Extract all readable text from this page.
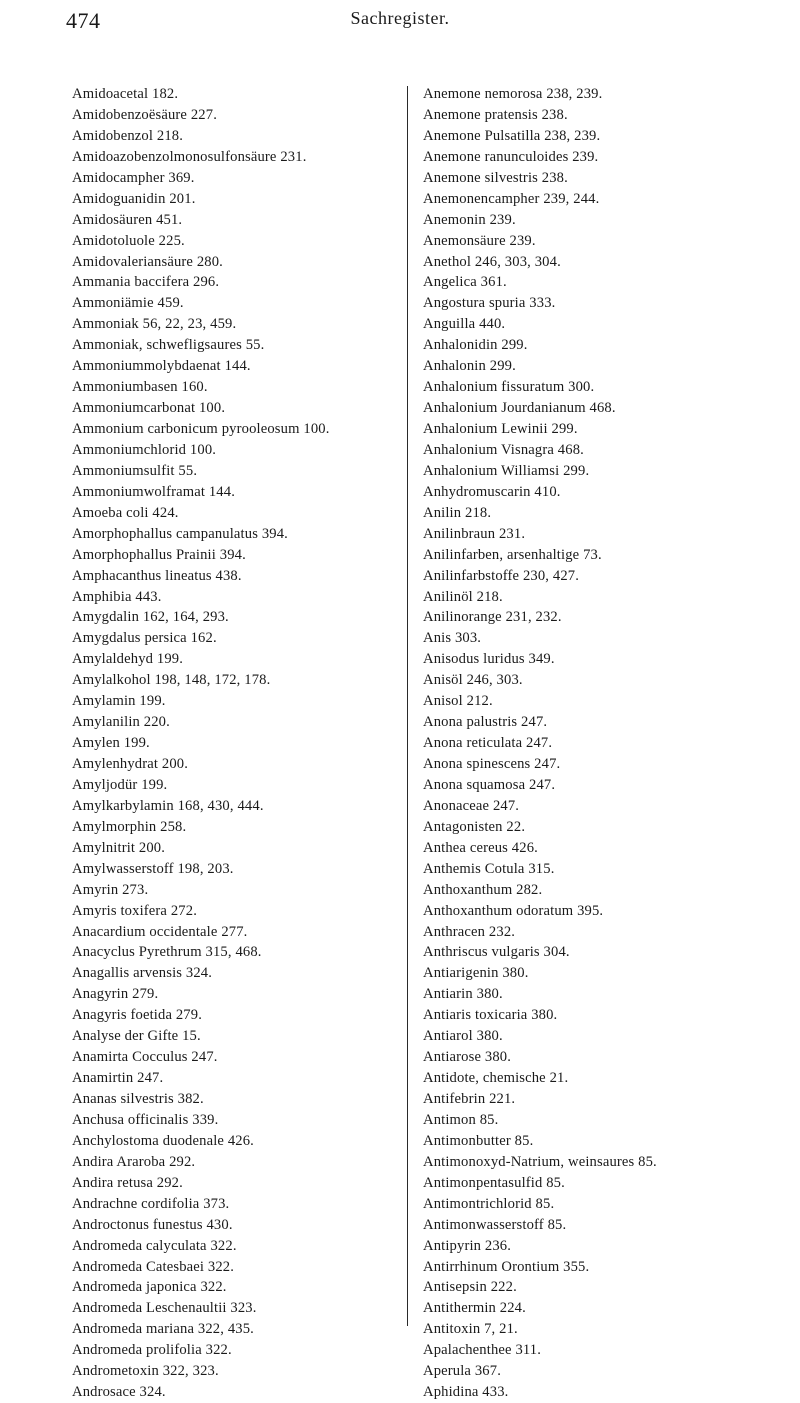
474	Sachregister.
Amidoacetal 182.
Amidobenzoësäure 227.
Amidobenzol 218.
Amidoazobenzolmonosulfonsäure 231.
Amidocampher 369.
Amidoguanidin 201.
Amidosäuren 451.
Amidotoluole 225.
Amidovaleriansäure 280.
Ammania baccifera 296.
Ammoniämie 459.
Ammoniak 56, 22, 23, 459.
Ammoniak, schwefligsaures 55.
Ammoniummolybdaenat 144.
Ammoniumbasen 160.
Ammoniumcarbonat 100.
Ammonium carbonicum pyrooleosum 100.
Ammoniumchlorid 100.
Ammoniumsulfit 55.
Ammoniumwolframat 144.
Amoeba coli 424.
Amorphophallus campanulatus 394.
Amorphophallus Prainii 394.
Amphacanthus lineatus 438.
Amphibia 443.
Amygdalin 162, 164, 293.
Amygdalus persica 162.
Amylaldehyd 199.
Amylalkohol 198, 148, 172, 178.
Amylamin 199.
Amylanilin 220.
Amylen 199.
Amylenhydrat 200.
Amyljodür 199.
Amylkarbylamin 168, 430, 444.
Amylmorphin 258.
Amylnitrit 200.
Amylwasserstoff 198, 203.
Amyrin 273.
Amyris toxifera 272.
Anacardium occidentale 277.
Anacyclus Pyrethrum 315, 468.
Anagallis arvensis 324.
Anagyrin 279.
Anagyris foetida 279.
Analyse der Gifte 15.
Anamirta Cocculus 247.
Anamirtin 247.
Ananas silvestris 382.
Anchusa officinalis 339.
Anchylostoma duodenale 426.
Andira Araroba 292.
Andira retusa 292.
Andrachne cordifolia 373.
Androctonus funestus 430.
Andromeda calyculata 322.
Andromeda Catesbaei 322.
Andromeda japonica 322.
Andromeda Leschenaultii 323.
Andromeda mariana 322, 435.
Andromeda prolifolia 322.
Andrometoxin 322, 323.
Androsace 324.
Anemone nemorosa 238, 239.
Anemone pratensis 238.
Anemone Pulsatilla 238, 239.
Anemone ranunculoides 239.
Anemone silvestris 238.
Anemonencampher 239, 244.
Anemonin 239.
Anemonsäure 239.
Anethol 246, 303, 304.
Angelica 361.
Angostura spuria 333.
Anguilla 440.
Anhalonidin 299.
Anhalonin 299.
Anhalonium fissuratum 300.
Anhalonium Jourdanianum 468.
Anhalonium Lewinii 299.
Anhalonium Visnagra 468.
Anhalonium Williamsi 299.
Anhydromuscarin 410.
Anilin 218.
Anilinbraun 231.
Anilinfarben, arsenhaltige 73.
Anilinfarbstoffe 230, 427.
Anilinöl 218.
Anilinorange 231, 232.
Anis 303.
Anisodus luridus 349.
Anisöl 246, 303.
Anisol 212.
Anona palustris 247.
Anona reticulata 247.
Anona spinescens 247.
Anona squamosa 247.
Anonaceae 247.
Antagonisten 22.
Anthea cereus 426.
Anthemis Cotula 315.
Anthoxanthum 282.
Anthoxanthum odoratum 395.
Anthracen 232.
Anthriscus vulgaris 304.
Antiarigenin 380.
Antiarin 380.
Antiaris toxicaria 380.
Antiarol 380.
Antiarose 380.
Antidote, chemische 21.
Antifebrin 221.
Antimon 85.
Antimonbutter 85.
Antimonoxyd-Natrium, weinsaures 85.
Antimonpentasulfid 85.
Antimontrichlorid 85.
Antimonwasserstoff 85.
Antipyrin 236.
Antirrhinum Orontium 355.
Antisepsin 222.
Antithermin 224.
Antitoxin 7, 21.
Apalachenthee 311.
Aperula 367.
Aphidina 433.
